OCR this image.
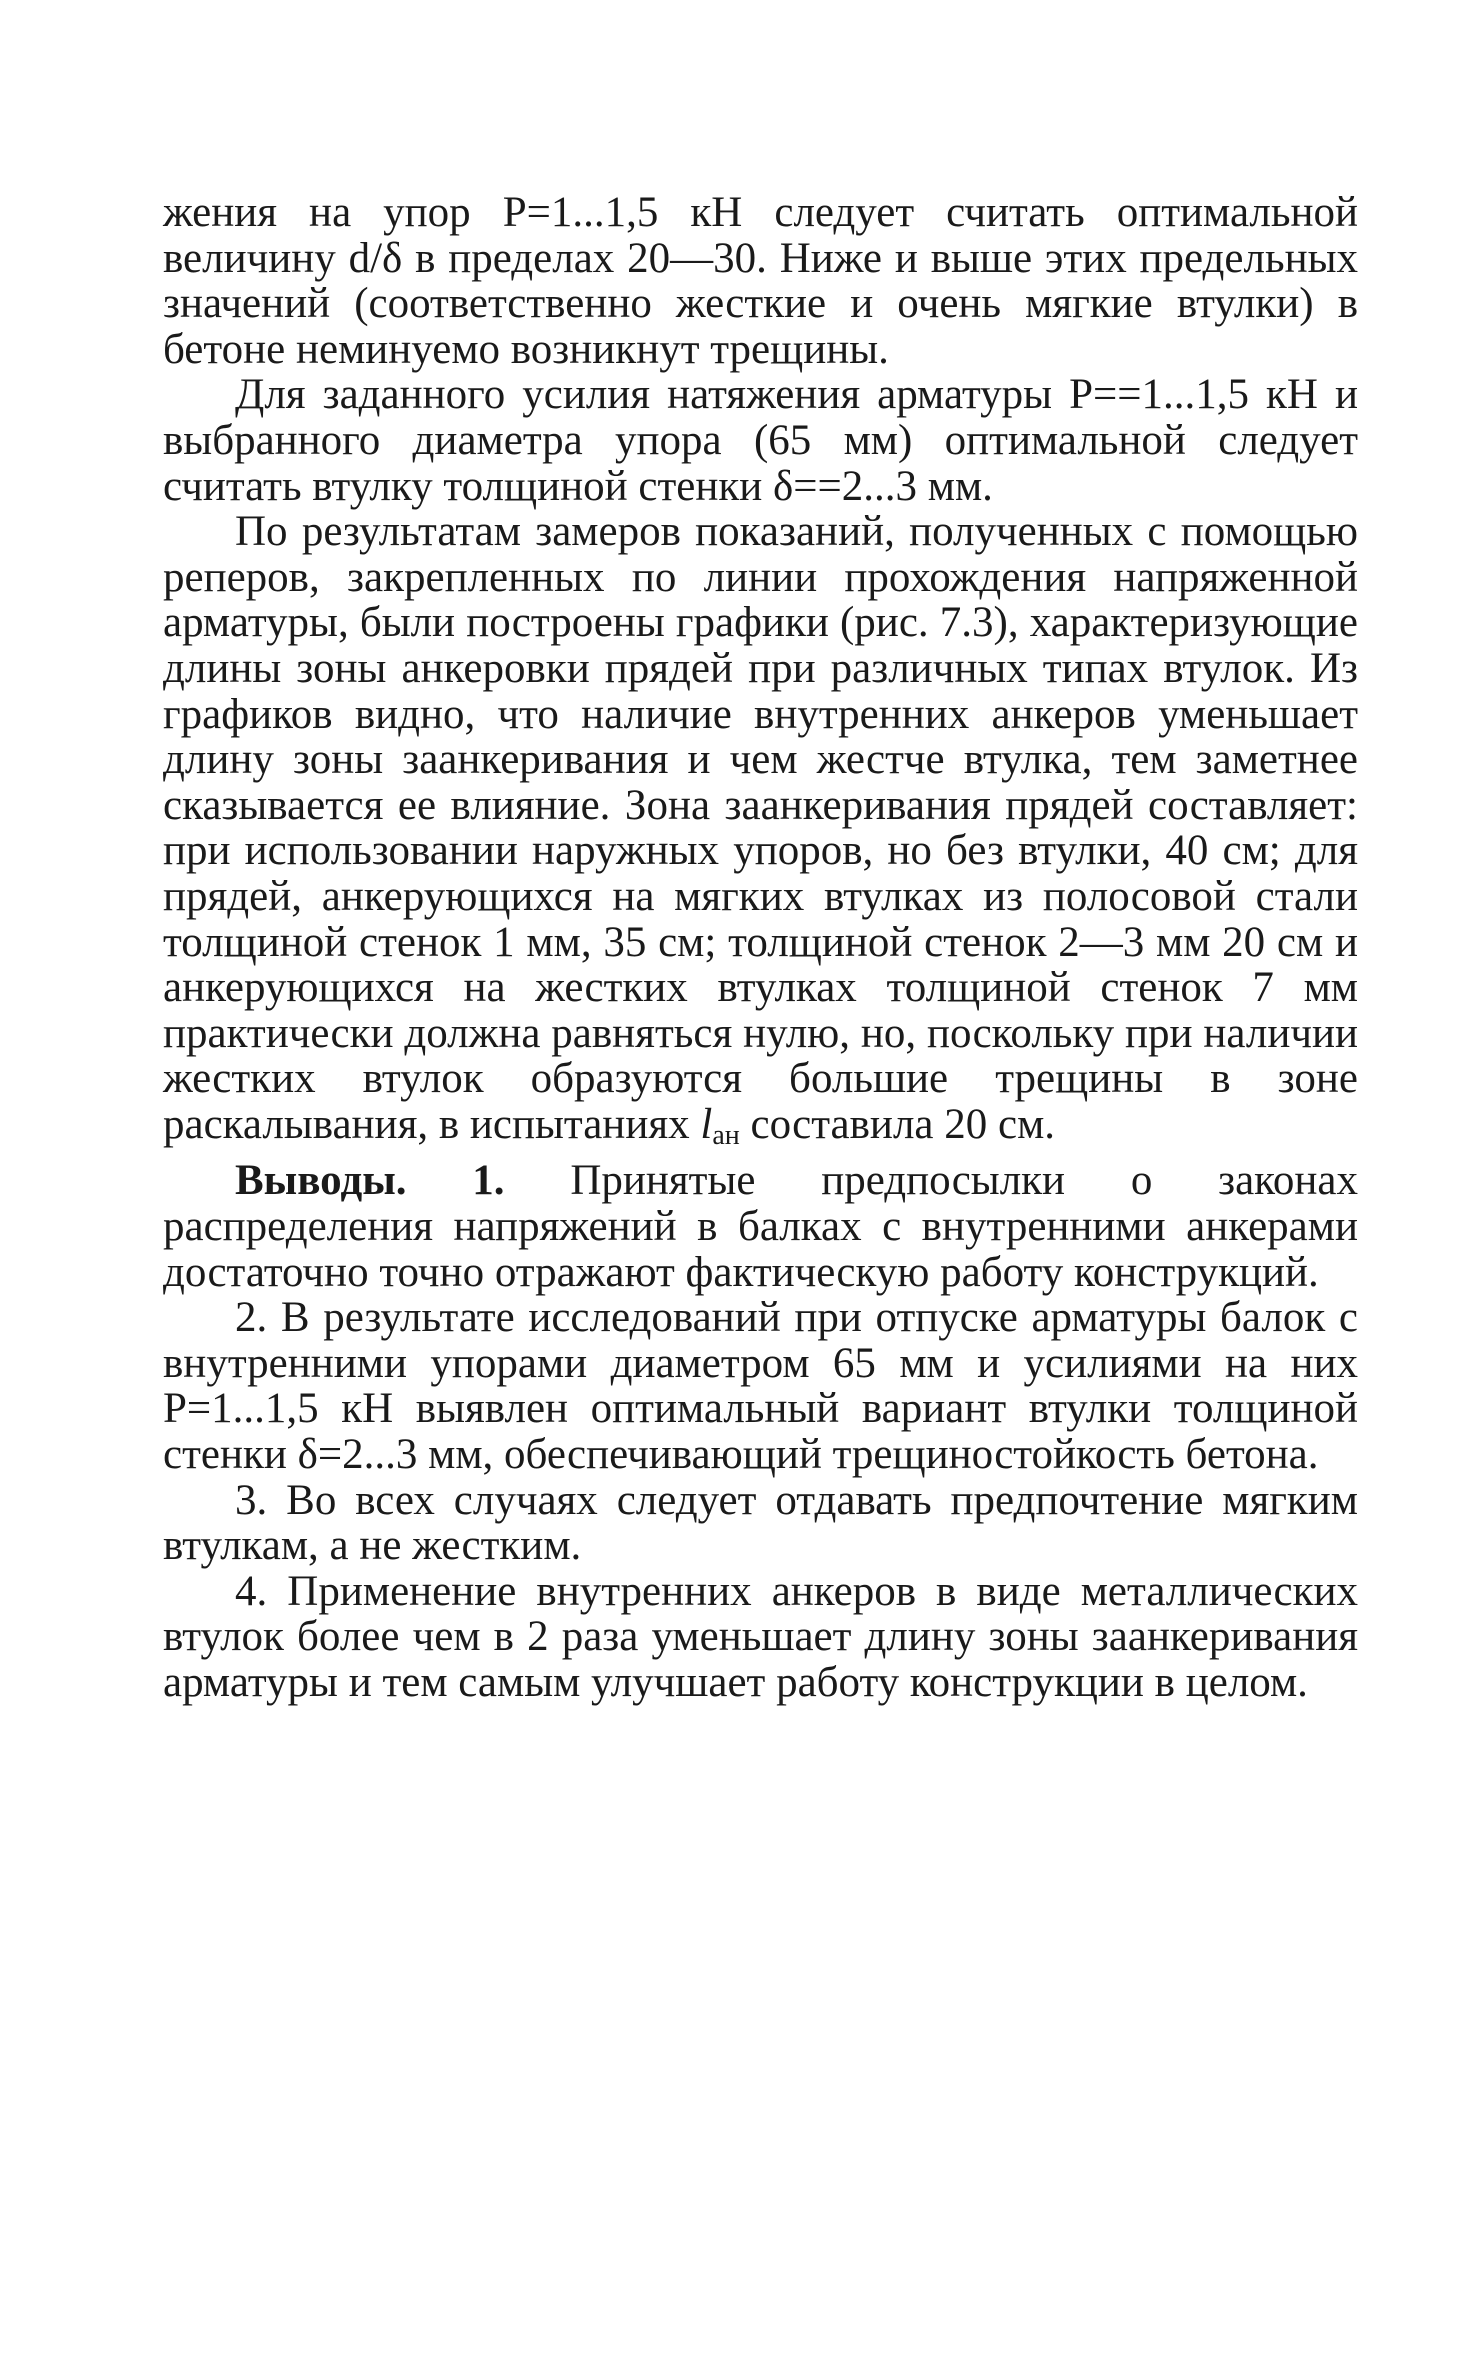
жения на упор P=1...1,5 кН следует считать оптимальной величину d/δ в пределах 20—30. Ниже и выше этих предельных значений (соответственно жесткие и очень мягкие втулки) в бетоне неминуемо возникнут трещины.

Для заданного усилия натяжения арматуры P==1...1,5 кН и выбранного диаметра упора (65 мм) оптимальной следует считать втулку толщиной стенки δ==2...3 мм.

По результатам замеров показаний, полученных с помощью реперов, закрепленных по линии прохождения напряженной арматуры, были построены графики (рис. 7.3), характеризующие длины зоны анкеровки прядей при различных типах втулок. Из графиков видно, что наличие внутренних анкеров уменьшает длину зоны заанкеривания и чем жестче втулка, тем заметнее сказывается ее влияние. Зона заанкеривания прядей составляет: при использовании наружных упоров, но без втулки, 40 см; для прядей, анкерующихся на мягких втулках из полосовой стали толщиной стенок 1 мм, 35 см; толщиной стенок 2—3 мм 20 см и анкерующихся на жестких втулках толщиной стенок 7 мм практически должна равняться нулю, но, поскольку при наличии жестких втулок образуются большие трещины в зоне раскалывания, в испытаниях $l_{ан}$ составила 20 см.

Выводы. 1. Принятые предпосылки о законах распределения напряжений в балках с внутренними анкерами достаточно точно отражают фактическую работу конструкций.

2. В результате исследований при отпуске арматуры балок с внутренними упорами диаметром 65 мм и усилиями на них P=1...1,5 кН выявлен оптимальный вариант втулки толщиной стенки δ=2...3 мм, обеспечивающий трещиностойкость бетона.

3. Во всех случаях следует отдавать предпочтение мягким втулкам, а не жестким.

4. Применение внутренних анкеров в виде металлических втулок более чем в 2 раза уменьшает длину зоны заанкеривания арматуры и тем самым улучшает работу конструкции в целом.
